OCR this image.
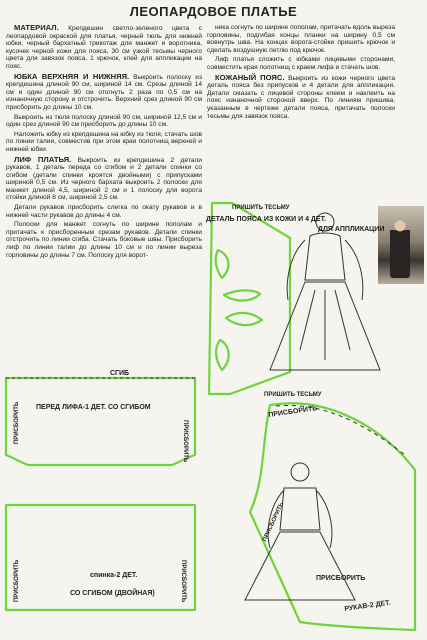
ЛЕОПАРДОВОЕ ПЛАТЬЕ

МАТЕРИАЛ. Крепдешин светло-зеленого цвета с леопардовой окраской для платья, черный тюль для нижней юбки, черный бархатный трикотаж для манжет и воротника, кусочек черной кожи для пояса, 30 см узкой тесьмы черного цвета для завязок пояса, 1 крючок, клей для аппликации на пояс.

ЮБКА ВЕРХНЯЯ И НИЖНЯЯ. Выкроить полоску из крепдешина длиной 90 см, шириной 14 см. Срезы длиной 14 см и один длиной 90 см отогнуть 2 раза по 0,5 см на изнаночную сторону и отстрочить. Верхний срез длиной 90 см присборить до длины 10 см.

Выкроить из тюля полоску длиной 90 см, шириной 12,5 см и один срез длиной 90 см присборить до длины 10 см.

Наложить юбку из крепдешина на юбку из тюля, стачать шов по линии талии, совместив при этом края полотнищ верхней и нижней юбки.

ЛИФ ПЛАТЬЯ. Выкроить из крепдешина 2 детали рукавов, 1 деталь переда со сгибом и 2 детали спинки со сгибом (детали спинки кроятся двойными) с припусками шириной 0,5 см. Из черного бархата выкроить 2 полоски для манжет длиной 4,5, шириной 2 см и 1 полоску для ворота стойки длиной 8 см, шириной 2,5 см.

Детали рукавов присборить слегка по окату рукавов и в нижней части рукавов до длины 4 см.

Полоски для манжет согнуть по ширине пополам и притачать к присборенным срезам рукавов. Детали спинки отстрочить по линии сгиба. Стачать боковые швы. Присборить лиф по линии талии до длины 10 см и по линии выреза горловины до длины 7 см. Полоску для ворот-

ника согнуть по ширине пополам, притачать вдоль выреза горловины, подгибая концы планки на ширину 0,5 см вовнутрь шва. На концах ворота-стойки пришить крючок и сделать воздушную петлю под крючок.

Лиф платья сложить с юбками лицевыми сторонами, совместить края полотнищ с краем лифа и стачать шов.

КОЖАНЫЙ ПОЯС. Выкроить из кожи черного цвета деталь пояса без припусков и 4 детали для аппликации. Детали смазать с лицевой стороны клеем и наклеить на пояс изнаночной стороной вверх. По линиям пришива, указанным в чертеже детали пояса, притачать полоски тесьмы для завязок пояса.

ДЕТАЛЬ ПОЯСА ИЗ КОЖИ И 4 ДЕТ.
ДЛЯ АППЛИКАЦИИ
ПРИШИТЬ ТЕСЬМУ
ПРИШИТЬ ТЕСЬМУ
СГИБ
ПЕРЕД ЛИФА-1 ДЕТ. СО СГИБОМ
ПРИСБОРИТЬ	ПРИСБОРИТЬ
спинка-2 ДЕТ.
СО СГИБОМ (ДВОЙНАЯ)
ПРИСБОРИТЬ	ПРИСБОРИТЬ
ПРИСБОРИТЬ
ПРИСБОРИТЬ
ПРИСБОРИТЬ
РУКАВ-2 ДЕТ.
